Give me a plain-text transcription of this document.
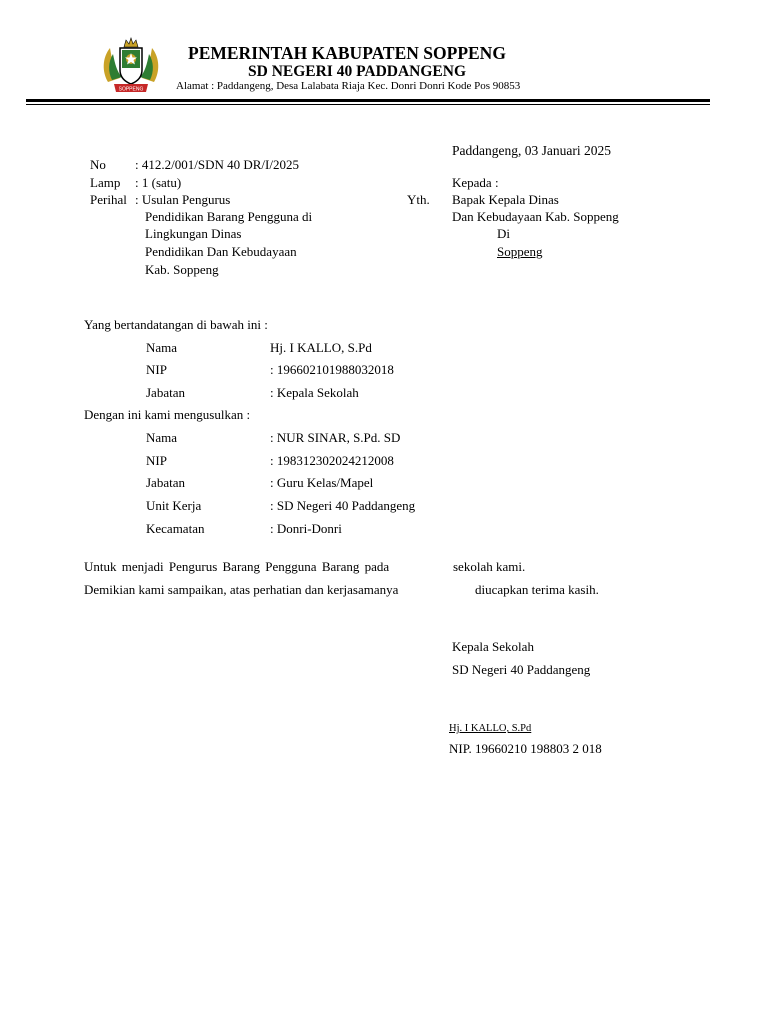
SOPPENG
PEMERINTAH KABUPATEN SOPPENG
SD NEGERI 40 PADDANGENG
Alamat : Paddangeng, Desa Lalabata Riaja Kec. Donri Donri Kode Pos 90853
Paddangeng, 03 Januari 2025
No : 412.2/001/SDN 40 DR/I/2025
Lamp : 1 (satu)
Perihal : Usulan Pengurus
Pendidikan Barang Pengguna di
Lingkungan Dinas
Pendidikan Dan Kebudayaan
Kab. Soppeng
Kepada :
Yth. Bapak Kepala Dinas
Dan Kebudayaan Kab. Soppeng
Di
Soppeng
Yang bertandatangan di bawah ini :
Nama	Hj. I KALLO, S.Pd
NIP	: 196602101988032018
Jabatan	: Kepala Sekolah
Dengan ini kami mengusulkan :
Nama	: NUR SINAR, S.Pd. SD
NIP	: 198312302024212008
Jabatan	: Guru Kelas/Mapel
Unit Kerja	: SD Negeri 40 Paddangeng
Kecamatan	: Donri-Donri
Untuk menjadi Pengurus Barang Pengguna Barang pada	sekolah kami.
Demikian kami sampaikan, atas perhatian dan kerjasamanya	diucapkan terima kasih.
Kepala Sekolah
SD Negeri 40 Paddangeng
Hj. I KALLO, S.Pd
NIP. 19660210 198803 2 018
